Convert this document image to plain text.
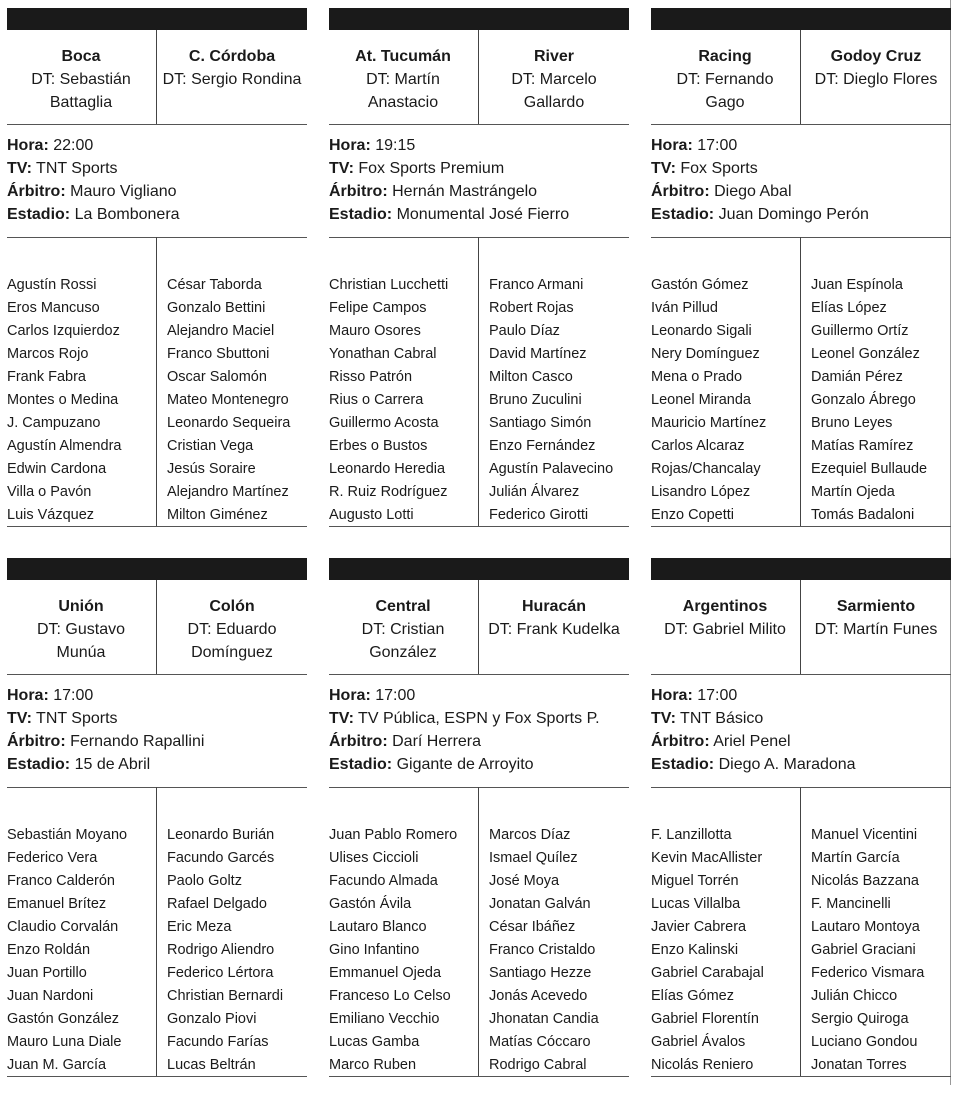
Boca
DT: Sebastián Battaglia
C. Córdoba
DT: Sergio Rondina
Hora: 22:00
TV: TNT Sports
Árbitro: Mauro Vigliano
Estadio: La Bombonera
Agustín Rossi
Eros Mancuso
Carlos Izquierdoz
Marcos Rojo
Frank Fabra
Montes o Medina
J. Campuzano
Agustín Almendra
Edwin Cardona
Villa o Pavón
Luis Vázquez
César Taborda
Gonzalo Bettini
Alejandro Maciel
Franco Sbuttoni
Oscar Salomón
Mateo Montenegro
Leonardo Sequeira
Cristian Vega
Jesús Soraire
Alejandro Martínez
Milton Giménez
At. Tucumán
DT: Martín Anastacio
River
DT: Marcelo Gallardo
Hora: 19:15
TV: Fox Sports Premium
Árbitro: Hernán Mastrángelo
Estadio: Monumental José Fierro
Christian Lucchetti
Felipe Campos
Mauro Osores
Yonathan Cabral
Risso Patrón
Rius o Carrera
Guillermo Acosta
Erbes o Bustos
Leonardo Heredia
R. Ruiz Rodríguez
Augusto Lotti
Franco Armani
Robert Rojas
Paulo Díaz
David Martínez
Milton Casco
Bruno Zuculini
Santiago Simón
Enzo Fernández
Agustín Palavecino
Julián Álvarez
Federico Girotti
Racing
DT: Fernando Gago
Godoy Cruz
DT: Dieglo Flores
Hora: 17:00
TV: Fox Sports
Árbitro: Diego Abal
Estadio: Juan Domingo Perón
Gastón Gómez
Iván Pillud
Leonardo Sigali
Nery Domínguez
Mena o Prado
Leonel Miranda
Mauricio Martínez
Carlos Alcaraz
Rojas/Chancalay
Lisandro López
Enzo Copetti
Juan Espínola
Elías López
Guillermo Ortíz
Leonel González
Damián Pérez
Gonzalo Ábrego
Bruno Leyes
Matías Ramírez
Ezequiel Bullaude
Martín Ojeda
Tomás Badaloni
Unión
DT: Gustavo Munúa
Colón
DT: Eduardo Domínguez
Hora: 17:00
TV: TNT Sports
Árbitro: Fernando Rapallini
Estadio: 15 de Abril
Sebastián Moyano
Federico Vera
Franco Calderón
Emanuel Brítez
Claudio Corvalán
Enzo Roldán
Juan Portillo
Juan Nardoni
Gastón González
Mauro Luna Diale
Juan M. García
Leonardo Burián
Facundo Garcés
Paolo Goltz
Rafael Delgado
Eric Meza
Rodrigo Aliendro
Federico Lértora
Christian Bernardi
Gonzalo Piovi
Facundo Farías
Lucas Beltrán
Central
DT: Cristian González
Huracán
DT: Frank Kudelka
Hora: 17:00
TV: TV Pública, ESPN y Fox Sports P.
Árbitro: Darí Herrera
Estadio: Gigante de Arroyito
Juan Pablo Romero
Ulises Ciccioli
Facundo Almada
Gastón Ávila
Lautaro Blanco
Gino Infantino
Emmanuel Ojeda
Franceso Lo Celso
Emiliano Vecchio
Lucas Gamba
Marco Ruben
Marcos Díaz
Ismael Quílez
José Moya
Jonatan Galván
César Ibáñez
Franco Cristaldo
Santiago Hezze
Jonás Acevedo
Jhonatan Candia
Matías Cóccaro
Rodrigo Cabral
Argentinos
DT: Gabriel Milito
Sarmiento
DT: Martín Funes
Hora: 17:00
TV: TNT Básico
Árbitro: Ariel Penel
Estadio: Diego A. Maradona
F. Lanzillotta
Kevin MacAllister
Miguel Torrén
Lucas Villalba
Javier Cabrera
Enzo Kalinski
Gabriel Carabajal
Elías Gómez
Gabriel Florentín
Gabriel Ávalos
Nicolás Reniero
Manuel Vicentini
Martín García
Nicolás Bazzana
F. Mancinelli
Lautaro Montoya
Gabriel Graciani
Federico Vismara
Julián Chicco
Sergio Quiroga
Luciano Gondou
Jonatan Torres
